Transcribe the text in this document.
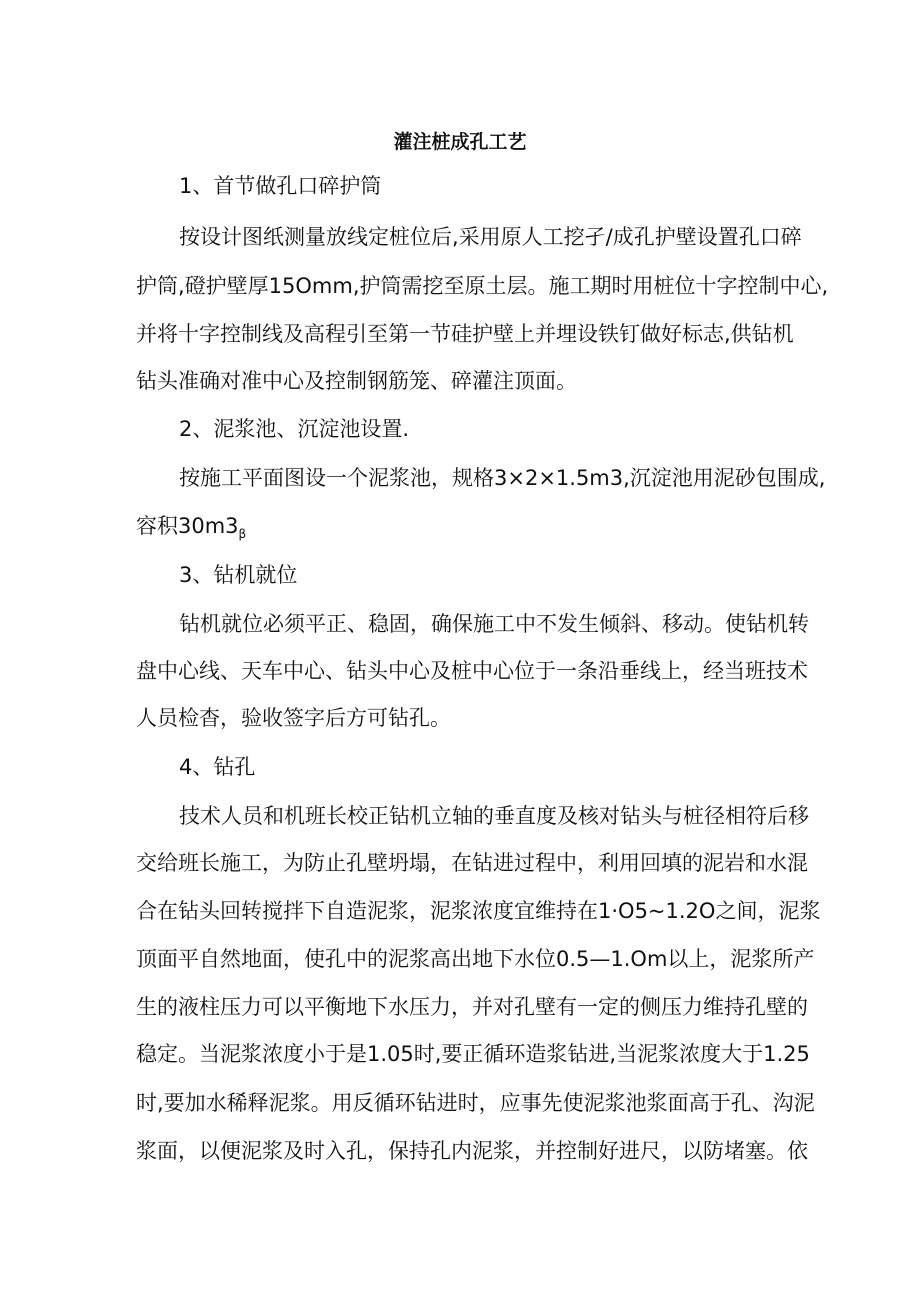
灌注桩成孔工艺
1、首节做孔口碎护筒
按设计图纸测量放线定桩位后,采用原人工挖孑/成孔护壁设置孔口碎
护筒,磴护壁厚15Omm,护筒需挖至原土层。施工期时用桩位十字控制中心,
并将十字控制线及高程引至第一节硅护壁上并埋设铁钉做好标志,供钻机
钻头准确对准中心及控制钢筋笼、碎灌注顶面。
2、泥浆池、沉淀池设置.
按施工平面图设一个泥浆池，规格3×2×1.5m3,沉淀池用泥砂包围成,
容积$30m3_\beta$
3、钻机就位
钻机就位必须平正、稳固，确保施工中不发生倾斜、移动。使钻机转
盘中心线、天车中心、钻头中心及桩中心位于一条沿垂线上，经当班技术
人员检杳，验收签字后方可钻孔。
4、钻孔
技术人员和机班长校正钻机立轴的垂直度及核对钻头与桩径相符后移
交给班长施工，为防止孔壁坍塌，在钻进过程中，利用回填的泥岩和水混
合在钻头回转搅拌下自造泥浆，泥浆浓度宜维持在1·O5~1.2O之间，泥浆
顶面平自然地面，使孔中的泥浆高出地下水位0.5—1.Om以上，泥浆所产
生的液柱压力可以平衡地下水压力，并对孔壁有一定的侧压力维持孔壁的
稳定。当泥浆浓度小于是1.05时,要正循环造浆钻进,当泥浆浓度大于1.25
时,要加水稀释泥浆。用反循环钻进时，应事先使泥浆池浆面高于孔、沟泥
浆面，以便泥浆及时入孔，保持孔内泥浆，并控制好进尺，以防堵塞。依
